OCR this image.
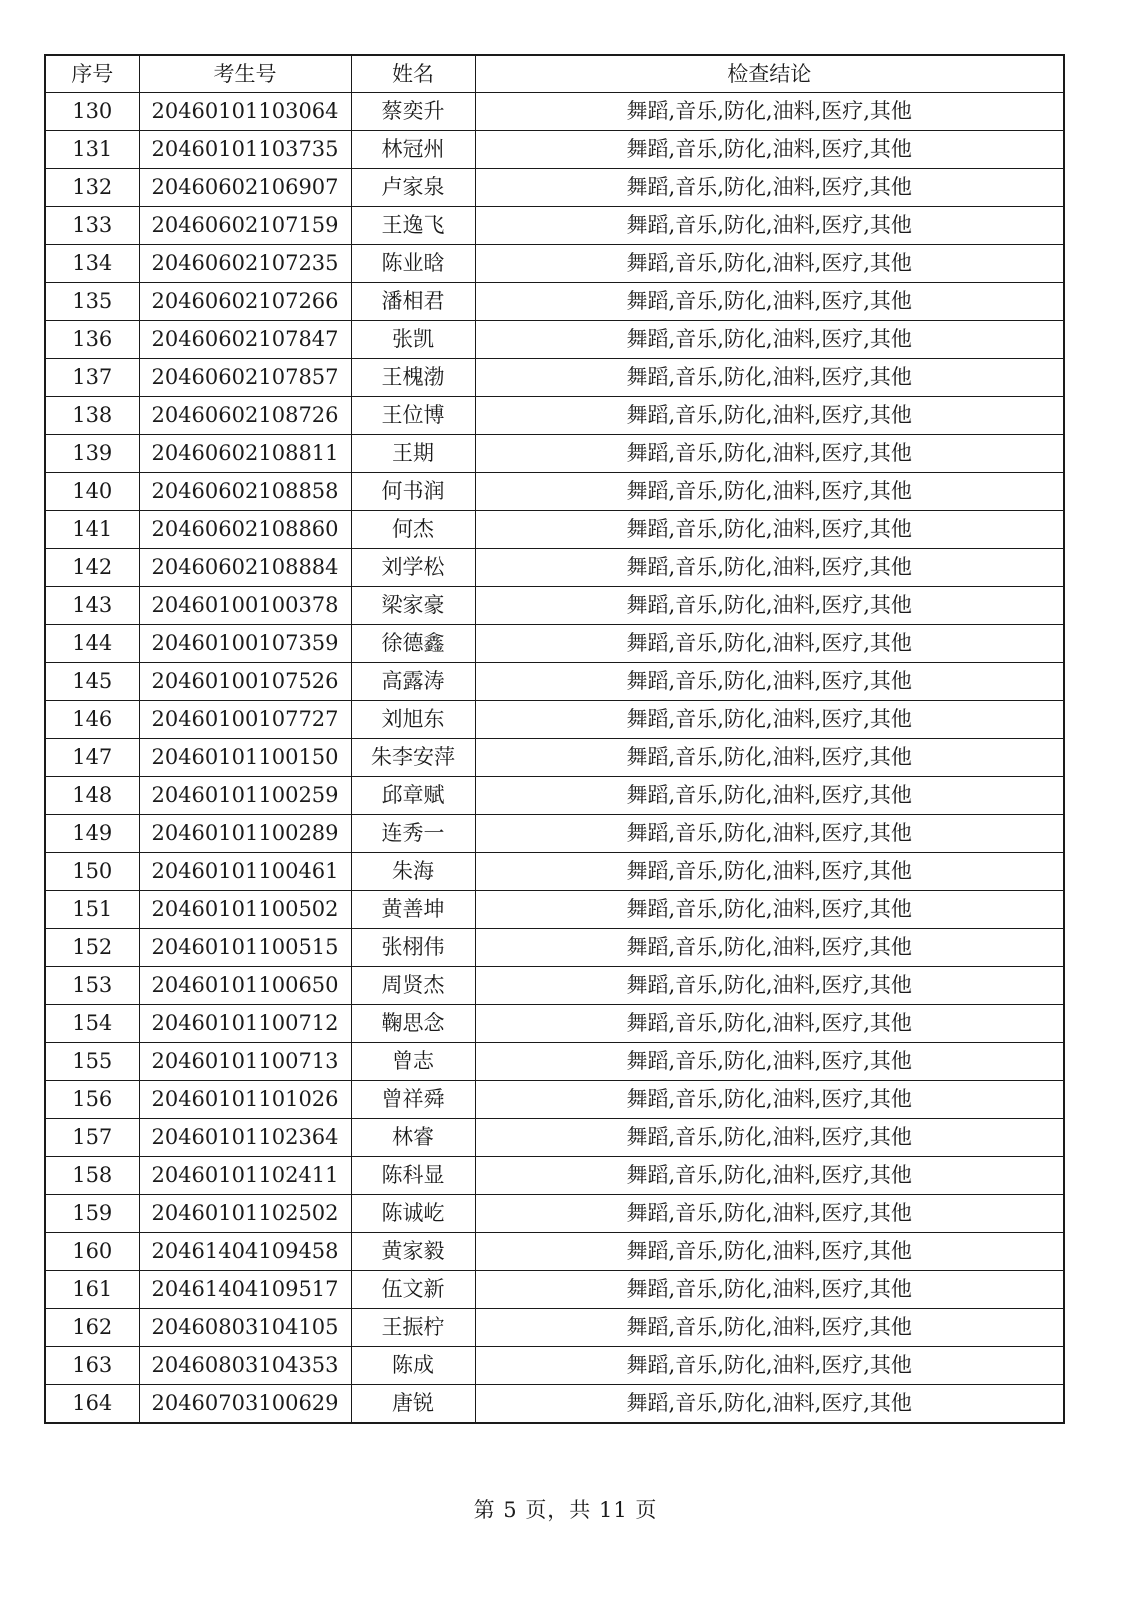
序号	考生号	姓名	检查结论
130	20460101103064	蔡奕升	舞蹈,音乐,防化,油料,医疗,其他
131	20460101103735	林冠州	舞蹈,音乐,防化,油料,医疗,其他
132	20460602106907	卢家泉	舞蹈,音乐,防化,油料,医疗,其他
133	20460602107159	王逸飞	舞蹈,音乐,防化,油料,医疗,其他
134	20460602107235	陈业晗	舞蹈,音乐,防化,油料,医疗,其他
135	20460602107266	潘相君	舞蹈,音乐,防化,油料,医疗,其他
136	20460602107847	张凯	舞蹈,音乐,防化,油料,医疗,其他
137	20460602107857	王槐渤	舞蹈,音乐,防化,油料,医疗,其他
138	20460602108726	王位博	舞蹈,音乐,防化,油料,医疗,其他
139	20460602108811	王期	舞蹈,音乐,防化,油料,医疗,其他
140	20460602108858	何书润	舞蹈,音乐,防化,油料,医疗,其他
141	20460602108860	何杰	舞蹈,音乐,防化,油料,医疗,其他
142	20460602108884	刘学松	舞蹈,音乐,防化,油料,医疗,其他
143	20460100100378	梁家豪	舞蹈,音乐,防化,油料,医疗,其他
144	20460100107359	徐德鑫	舞蹈,音乐,防化,油料,医疗,其他
145	20460100107526	高露涛	舞蹈,音乐,防化,油料,医疗,其他
146	20460100107727	刘旭东	舞蹈,音乐,防化,油料,医疗,其他
147	20460101100150	朱李安萍	舞蹈,音乐,防化,油料,医疗,其他
148	20460101100259	邱章赋	舞蹈,音乐,防化,油料,医疗,其他
149	20460101100289	连秀一	舞蹈,音乐,防化,油料,医疗,其他
150	20460101100461	朱海	舞蹈,音乐,防化,油料,医疗,其他
151	20460101100502	黄善坤	舞蹈,音乐,防化,油料,医疗,其他
152	20460101100515	张栩伟	舞蹈,音乐,防化,油料,医疗,其他
153	20460101100650	周贤杰	舞蹈,音乐,防化,油料,医疗,其他
154	20460101100712	鞠思念	舞蹈,音乐,防化,油料,医疗,其他
155	20460101100713	曾志	舞蹈,音乐,防化,油料,医疗,其他
156	20460101101026	曾祥舜	舞蹈,音乐,防化,油料,医疗,其他
157	20460101102364	林睿	舞蹈,音乐,防化,油料,医疗,其他
158	20460101102411	陈科显	舞蹈,音乐,防化,油料,医疗,其他
159	20460101102502	陈诚屹	舞蹈,音乐,防化,油料,医疗,其他
160	20461404109458	黄家毅	舞蹈,音乐,防化,油料,医疗,其他
161	20461404109517	伍文新	舞蹈,音乐,防化,油料,医疗,其他
162	20460803104105	王振柠	舞蹈,音乐,防化,油料,医疗,其他
163	20460803104353	陈成	舞蹈,音乐,防化,油料,医疗,其他
164	20460703100629	唐锐	舞蹈,音乐,防化,油料,医疗,其他
第 5 页，共 11 页
